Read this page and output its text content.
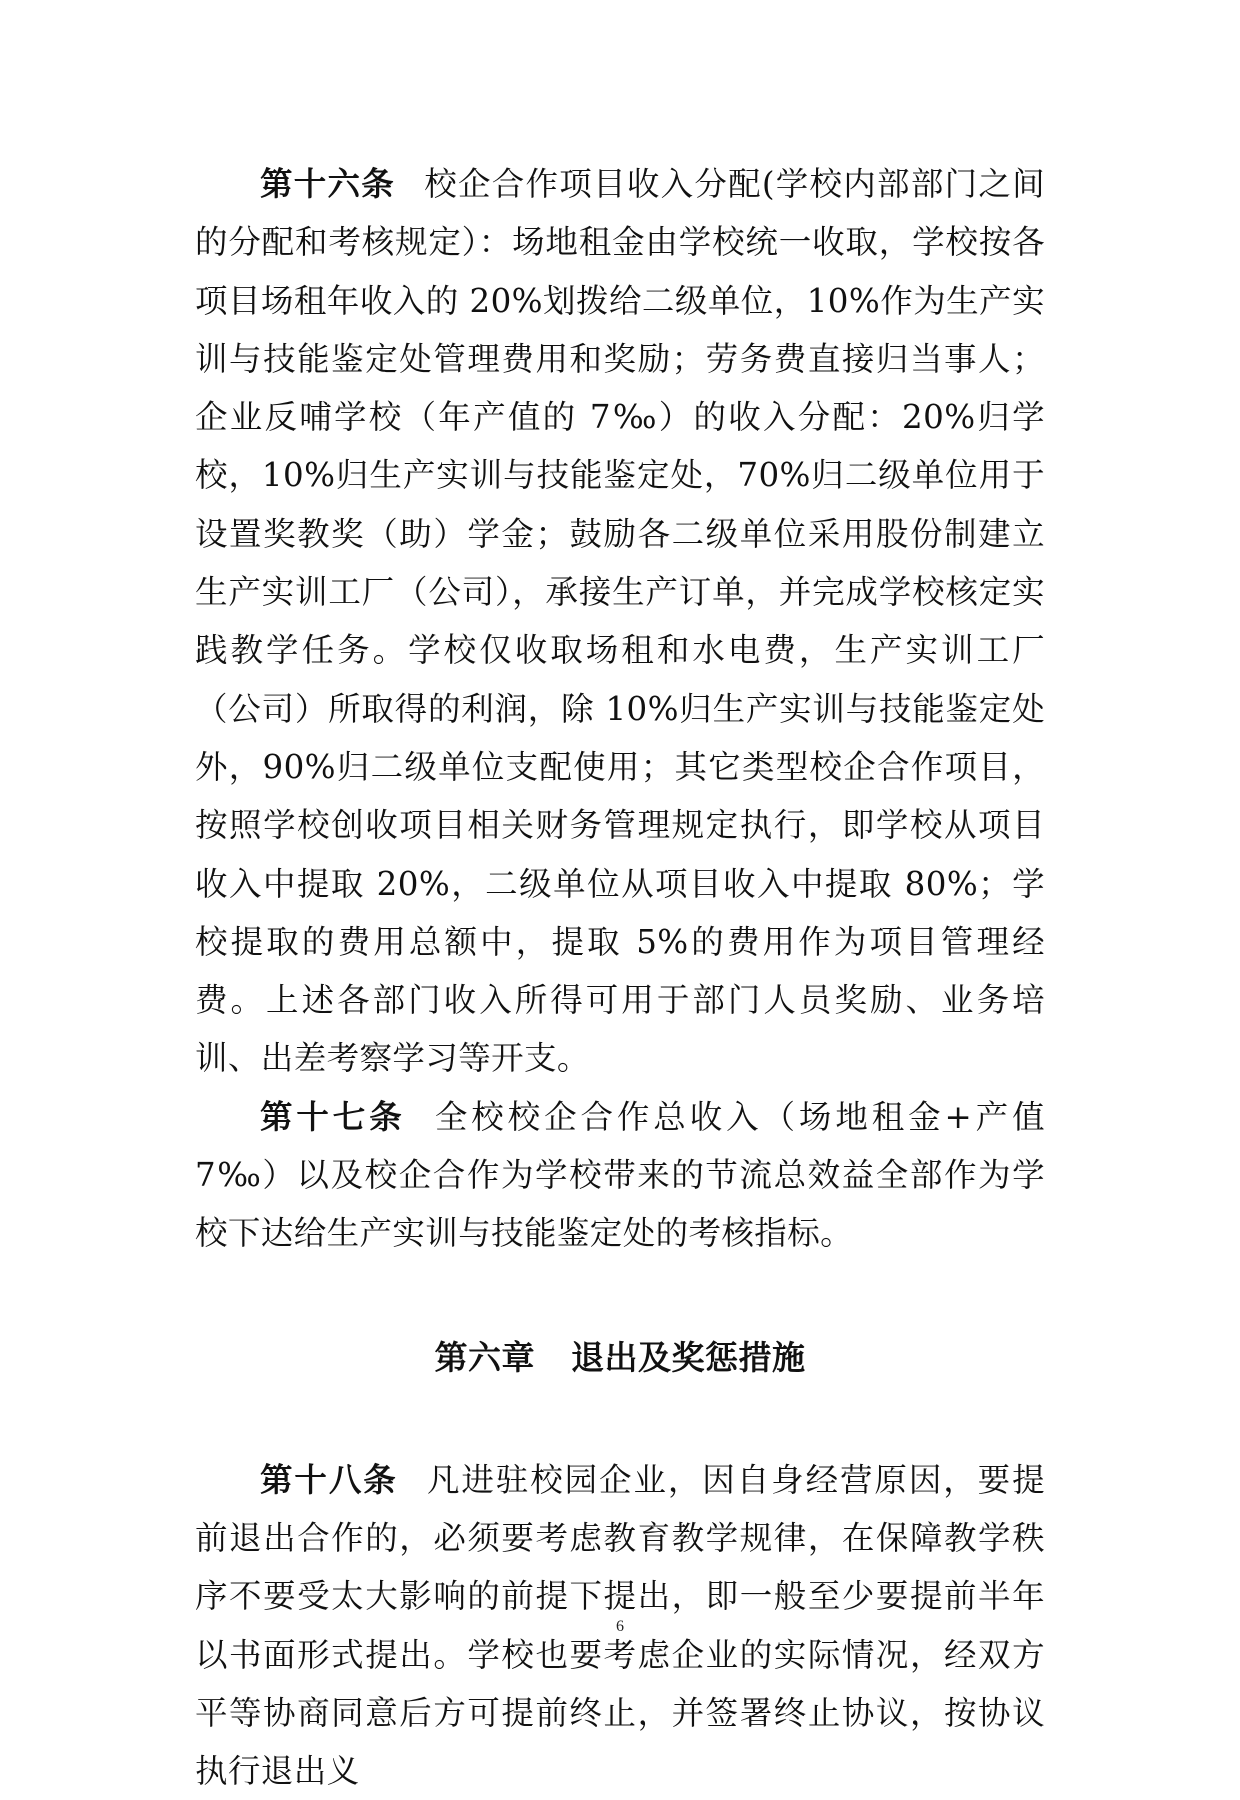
第十六条 校企合作项目收入分配(学校内部部门之间的分配和考核规定）：场地租金由学校统一收取，学校按各项目场租年收入的 20%划拨给二级单位，10%作为生产实训与技能鉴定处管理费用和奖励；劳务费直接归当事人；企业反哺学校（年产值的 7‰）的收入分配：20%归学校，10%归生产实训与技能鉴定处，70%归二级单位用于设置奖教奖（助）学金；鼓励各二级单位采用股份制建立生产实训工厂（公司），承接生产订单，并完成学校核定实践教学任务。学校仅收取场租和水电费，生产实训工厂（公司）所取得的利润，除 10%归生产实训与技能鉴定处外，90%归二级单位支配使用；其它类型校企合作项目，按照学校创收项目相关财务管理规定执行，即学校从项目收入中提取 20%，二级单位从项目收入中提取 80%；学校提取的费用总额中，提取 5%的费用作为项目管理经费。上述各部门收入所得可用于部门人员奖励、业务培训、出差考察学习等开支。

第十七条 全校校企合作总收入（场地租金+产值 7‰）以及校企合作为学校带来的节流总效益全部作为学校下达给生产实训与技能鉴定处的考核指标。

第六章   退出及奖惩措施

第十八条 凡进驻校园企业，因自身经营原因，要提前退出合作的，必须要考虑教育教学规律，在保障教学秩序不要受太大影响的前提下提出，即一般至少要提前半年以书面形式提出。学校也要考虑企业的实际情况，经双方平等协商同意后方可提前终止，并签署终止协议，按协议执行退出义

6
